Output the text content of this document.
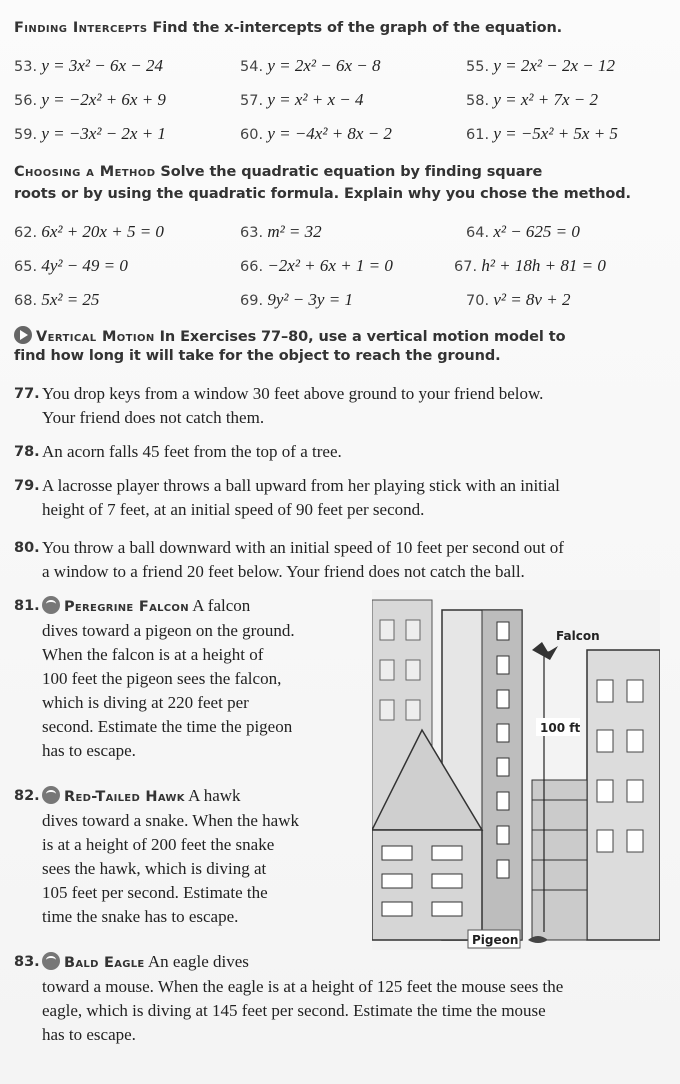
Finding Intercepts Find the x-intercepts of the graph of the equation.
53. y = 3x² − 6x − 24	54. y = 2x² − 6x − 8	55. y = 2x² − 2x − 12
56. y = −2x² + 6x + 9	57. y = x² + x − 4	58. y = x² + 7x − 2
59. y = −3x² − 2x + 1	60. y = −4x² + 8x − 2	61. y = −5x² + 5x + 5
Choosing a Method Solve the quadratic equation by finding square
roots or by using the quadratic formula. Explain why you chose the method.
62. 6x² + 20x + 5 = 0	63. m² = 32	64. x² − 625 = 0
65. 4y² − 49 = 0	66. −2x² + 6x + 1 = 0	67. h² + 18h + 81 = 0
68. 5x² = 25	69. 9y² − 3y = 1	70. v² = 8v + 2
Vertical Motion In Exercises 77–80, use a vertical motion model to
find how long it will take for the object to reach the ground.
77. You drop keys from a window 30 feet above ground to your friend below.
Your friend does not catch them.
78. An acorn falls 45 feet from the top of a tree.
79. A lacrosse player throws a ball upward from her playing stick with an initial
height of 7 feet, at an initial speed of 90 feet per second.
80. You throw a ball downward with an initial speed of 10 feet per second out of
a window to a friend 20 feet below. Your friend does not catch the ball.
81.	Peregrine Falcon A falcon
dives toward a pigeon on the ground.
When the falcon is at a height of
100 feet the pigeon sees the falcon,
which is diving at 220 feet per
second. Estimate the time the pigeon
has to escape.
82.	Red-Tailed Hawk A hawk
dives toward a snake. When the hawk
is at a height of 200 feet the snake
sees the hawk, which is diving at
105 feet per second. Estimate the
time the snake has to escape.
83.	Bald Eagle An eagle dives
toward a mouse. When the eagle is at a height of 125 feet the mouse sees the
eagle, which is diving at 145 feet per second. Estimate the time the mouse
has to escape.
100 ft
Falcon
Pigeon
